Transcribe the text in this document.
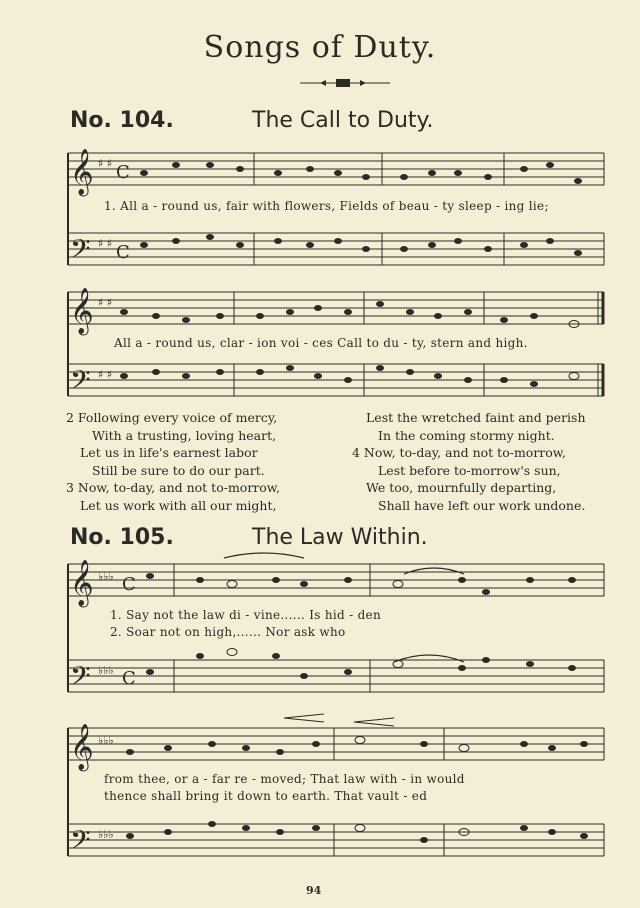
Songs of Duty.
No. 104.	The Call to Duty.
𝄞
𝄢
♯ ♯
♯ ♯
C
C
1. All a - round us, fair with flowers, Fields of beau - ty sleep - ing lie;
𝄞
𝄢
♯ ♯
♯ ♯
All a - round us, clar - ion voi - ces Call to du - ty, stern and high.
2 Following every voice of mercy,
With a trusting, loving heart,
Let us in life's earnest labor
Still be sure to do our part.
3 Now, to-day, and not to-morrow,
Let us work with all our might,
Lest the wretched faint and perish
In the coming stormy night.
4 Now, to-day, and not to-morrow,
Lest before to-morrow's sun,
We too, mournfully departing,
Shall have left our work undone.
No. 105.	The Law Within.
𝄞
𝄢
♭♭♭
♭♭♭
C
C
1. Say not the law di - vine...... Is hid - den
2. Soar not on high,...... Nor ask who
𝄞
𝄢
♭♭♭
♭♭♭
from thee, or a - far re - moved; That law with - in would
thence shall bring it down to earth. That vault - ed
94
